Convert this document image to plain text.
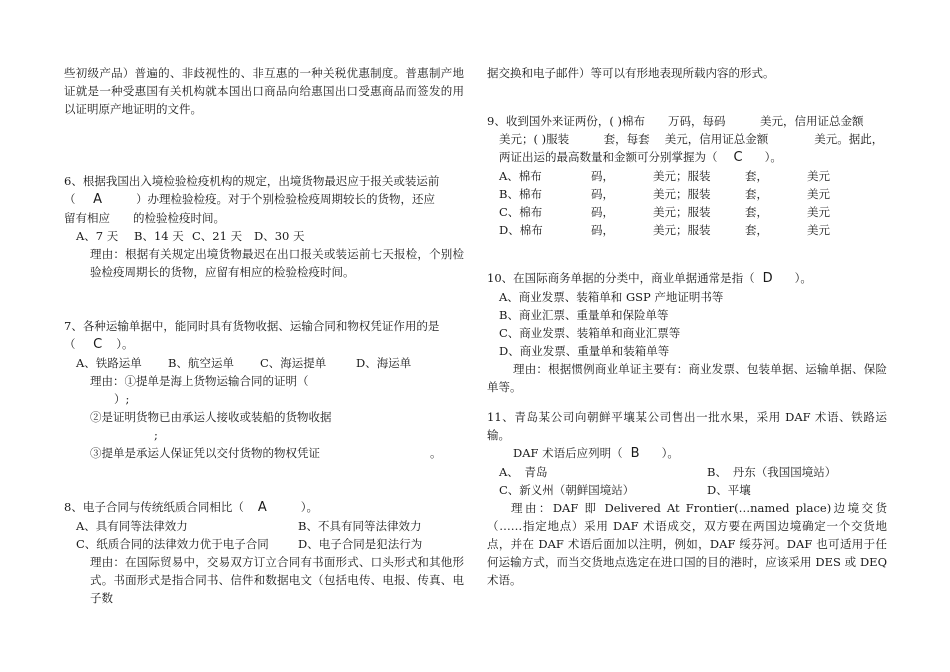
些初级产品）普遍的、非歧视性的、非互惠的一种关税优惠制度。普惠制产地证就是一种受惠国有关机构就本国出口商品向给惠国出口受惠商品而签发的用以证明原产地证明的文件。

6、根据我国出入境检验检疫机构的规定，出境货物最迟应于报关或装运前

（ A	）办理检验检疫。对于个别检验检疫周期较长的货物，还应

留有相应　　的检验检疫时间。

A、7 天	B、14 天 C、21 天	D、30 天

理由：根据有关规定出境货物最迟在出口报关或装运前七天报检，个别检验检疫周期长的货物，应留有相应的检验检疫时间。

7、各种运输单据中，能同时具有货物收据、运输合同和物权凭证作用的是

（ C ）。

A、铁路运单	B、航空运单	C、海运提单	D、海运单

理由：①提单是海上货物运输合同的证明（

）;

②是证明货物已由承运人接收或装船的货物收据

;

③提单是承运人保证凭以交付货物的物权凭证	。

8、电子合同与传统纸质合同相比（ A	）。

A、具有同等法律效力	B、不具有同等法律效力
C、纸质合同的法律效力优于电子合同	D、电子合同是犯法行为

理由：在国际贸易中，交易双方订立合同有书面形式、口头形式和其他形式。书面形式是指合同书、信件和数据电文（包括电传、电报、传真、电子数

据交换和电子邮件）等可以有形地表现所载内容的形式。

9、收到国外来证两份，( )棉布　　万码，每码　　　美元，信用证总金额

美元；( )服装　　　套，每套　 美元，信用证总金额　　　　美元。据此，

两证出运的最高数量和金额可分别掌握为（ C ）。

A、棉布	码，	美元；服装	套，	美元
B、棉布	码，	美元；服装	套，	美元
C、棉布	码，	美元；服装	套，	美元
D、棉布	码，	美元；服装	套，	美元

10、在国际商务单据的分类中，商业单据通常是指（ D ）。

A、商业发票、装箱单和 GSP 产地证明书等

B、商业汇票、重量单和保险单等

C、商业发票、装箱单和商业汇票等

D、商业发票、重量单和装箱单等

理由：根据惯例商业单证主要有：商业发票、包装单据、运输单据、保险单等。

11、青岛某公司向朝鲜平壤某公司售出一批水果，采用 DAF 术语、铁路运输。

DAF 术语后应列明（ B ）。

A、　青岛	B、　丹东（我国国境站）
C、新义州（朝鲜国境站）	D、平壤

理由：DAF 即 Delivered At Frontier(…named place)边境交货（……指定地点）采用 DAF 术语成交，双方要在两国边境确定一个交货地点，并在 DAF 术语后面加以注明，例如，DAF 绥芬河。DAF 也可适用于任何运输方式，而当交货地点选定在进口国的目的港时，应该采用 DES 或 DEQ 术语。
